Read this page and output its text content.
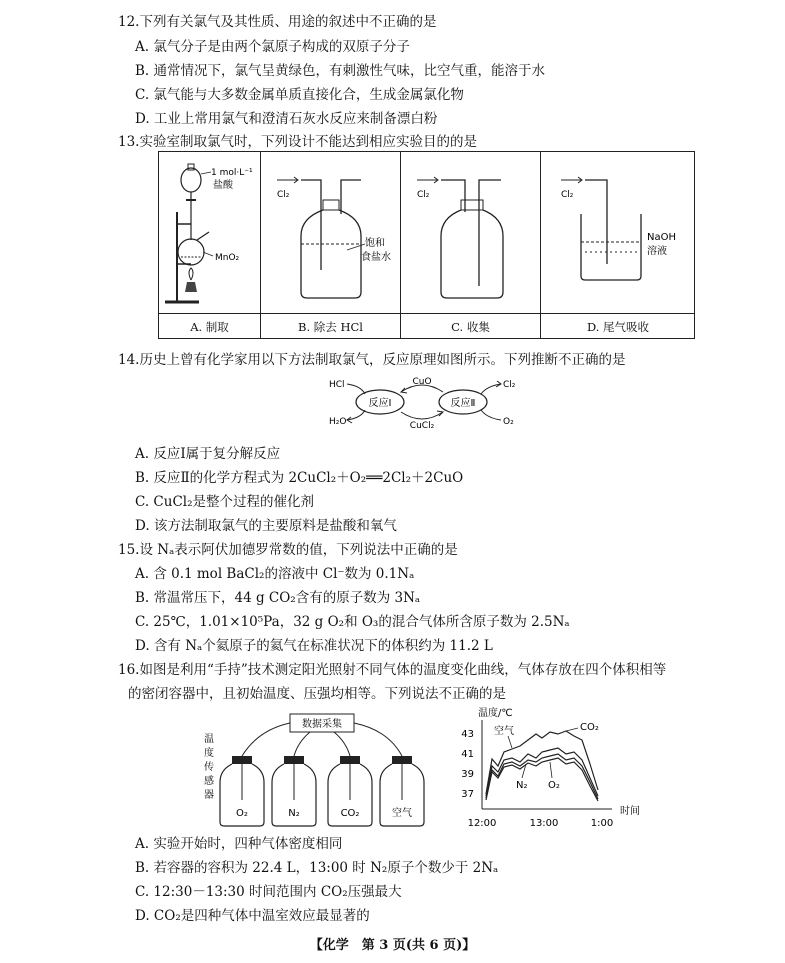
12.下列有关氯气及其性质、用途的叙述中不正确的是
A. 氯气分子是由两个氯原子构成的双原子分子
B. 通常情况下，氯气呈黄绿色，有刺激性气味，比空气重，能溶于水
C. 氯气能与大多数金属单质直接化合，生成金属氯化物
D. 工业上常用氯气和澄清石灰水反应来制备漂白粉
13.实验室制取氯气时，下列设计不能达到相应实验目的的是
1 mol·L⁻¹
盐酸
MnO₂
Cl₂
饱和
食盐水
Cl₂	Cl₂
NaOH
溶液
A. 制取	B. 除去 HCl	C. 收集	D. 尾气吸收
14.历史上曾有化学家用以下方法制取氯气，反应原理如图所示。下列推断不正确的是
反应Ⅰ	反应Ⅱ
CuO
CuCl₂
HCl
H₂O
Cl₂
O₂
A. 反应Ⅰ属于复分解反应
B. 反应Ⅱ的化学方程式为 2CuCl₂＋O₂══2Cl₂＋2CuO
C. CuCl₂是整个过程的催化剂
D. 该方法制取氯气的主要原料是盐酸和氧气
15.设 Nₐ表示阿伏加德罗常数的值，下列说法中正确的是
A. 含 0.1 mol BaCl₂的溶液中 Cl⁻数为 0.1Nₐ
B. 常温常压下，44 g CO₂含有的原子数为 3Nₐ
C. 25℃，1.01×10⁵Pa，32 g O₂和 O₃的混合气体所含原子数为 2.5Nₐ
D. 含有 Nₐ个氦原子的氦气在标准状况下的体积约为 11.2 L
16.如图是利用“手持”技术测定阳光照射不同气体的温度变化曲线，气体存放在四个体积相等
的密闭容器中，且初始温度、压强均相等。下列说法不正确的是
数据采集
温
度
传
感
器
O₂	N₂	CO₂	空气
温度/℃
43
41
39
37
12:00	13:00	1:00
时间
空气	CO₂
N₂ O₂
A. 实验开始时，四种气体密度相同
B. 若容器的容积为 22.4 L，13:00 时 N₂原子个数少于 2Nₐ
C. 12:30－13:30 时间范围内 CO₂压强最大
D. CO₂是四种气体中温室效应最显著的
【化学　第 3 页(共 6 页)】
